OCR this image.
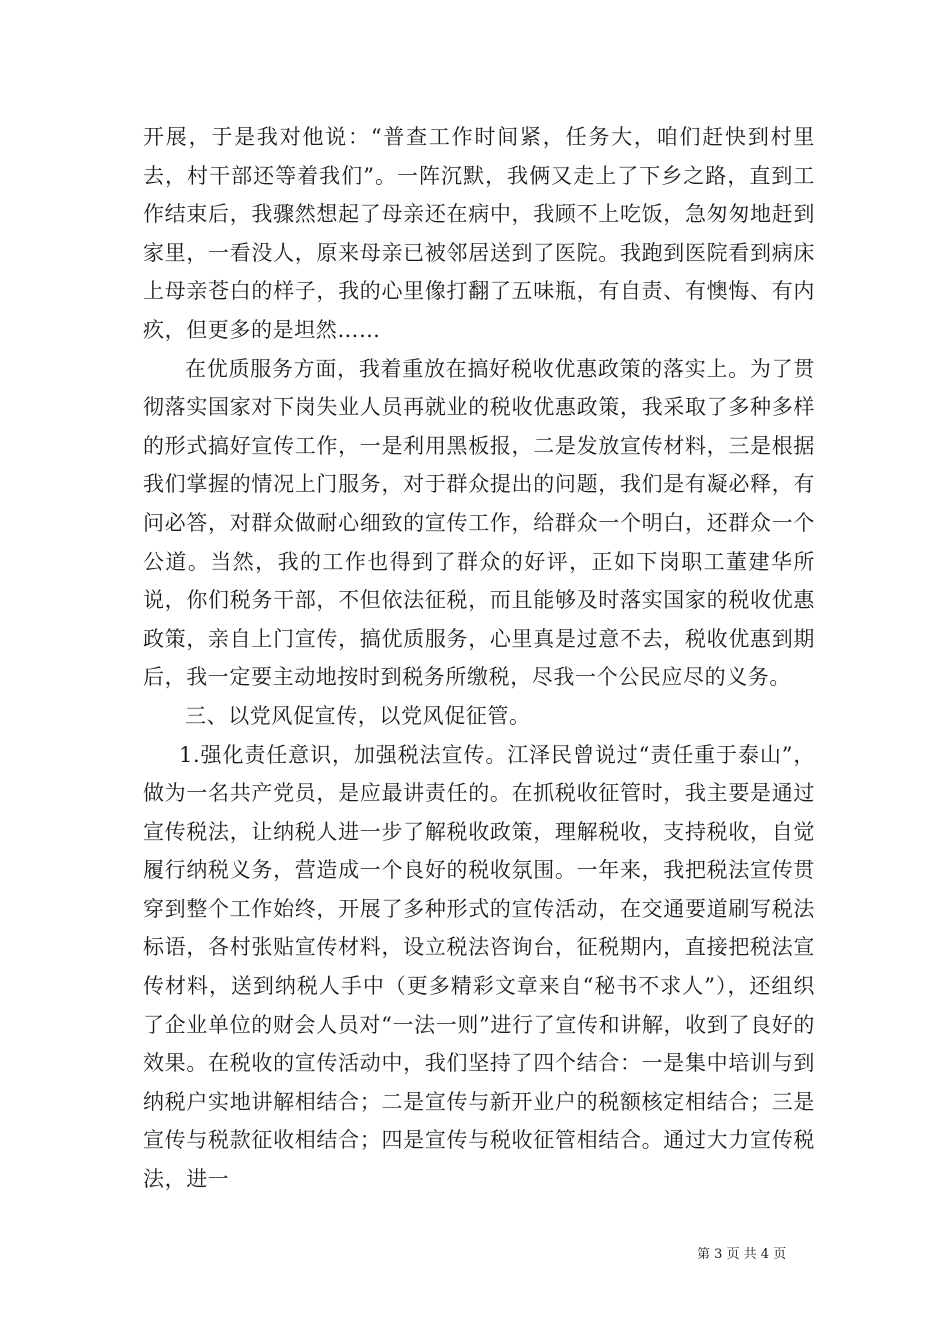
开展，于是我对他说：“普查工作时间紧，任务大，咱们赶快到村里去，村干部还等着我们”。一阵沉默，我俩又走上了下乡之路，直到工作结束后，我骤然想起了母亲还在病中，我顾不上吃饭，急匆匆地赶到家里，一看没人，原来母亲已被邻居送到了医院。我跑到医院看到病床上母亲苍白的样子，我的心里像打翻了五味瓶，有自责、有懊悔、有内疚，但更多的是坦然……

在优质服务方面，我着重放在搞好税收优惠政策的落实上。为了贯彻落实国家对下岗失业人员再就业的税收优惠政策，我采取了多种多样的形式搞好宣传工作，一是利用黑板报，二是发放宣传材料，三是根据我们掌握的情况上门服务，对于群众提出的问题，我们是有凝必释，有问必答，对群众做耐心细致的宣传工作，给群众一个明白，还群众一个公道。当然，我的工作也得到了群众的好评，正如下岗职工董建华所说，你们税务干部，不但依法征税，而且能够及时落实国家的税收优惠政策，亲自上门宣传，搞优质服务，心里真是过意不去，税收优惠到期后，我一定要主动地按时到税务所缴税，尽我一个公民应尽的义务。

三、以党风促宣传，以党风促征管。

1.强化责任意识，加强税法宣传。江泽民曾说过“责任重于泰山”，做为一名共产党员，是应最讲责任的。在抓税收征管时，我主要是通过宣传税法，让纳税人进一步了解税收政策，理解税收，支持税收，自觉履行纳税义务，营造成一个良好的税收氛围。一年来，我把税法宣传贯穿到整个工作始终，开展了多种形式的宣传活动，在交通要道刷写税法标语，各村张贴宣传材料，设立税法咨询台，征税期内，直接把税法宣传材料，送到纳税人手中（更多精彩文章来自“秘书不求人”），还组织了企业单位的财会人员对“一法一则”进行了宣传和讲解，收到了良好的效果。在税收的宣传活动中，我们坚持了四个结合：一是集中培训与到纳税户实地讲解相结合；二是宣传与新开业户的税额核定相结合；三是宣传与税款征收相结合；四是宣传与税收征管相结合。通过大力宣传税法，进一

第 3 页 共 4 页
